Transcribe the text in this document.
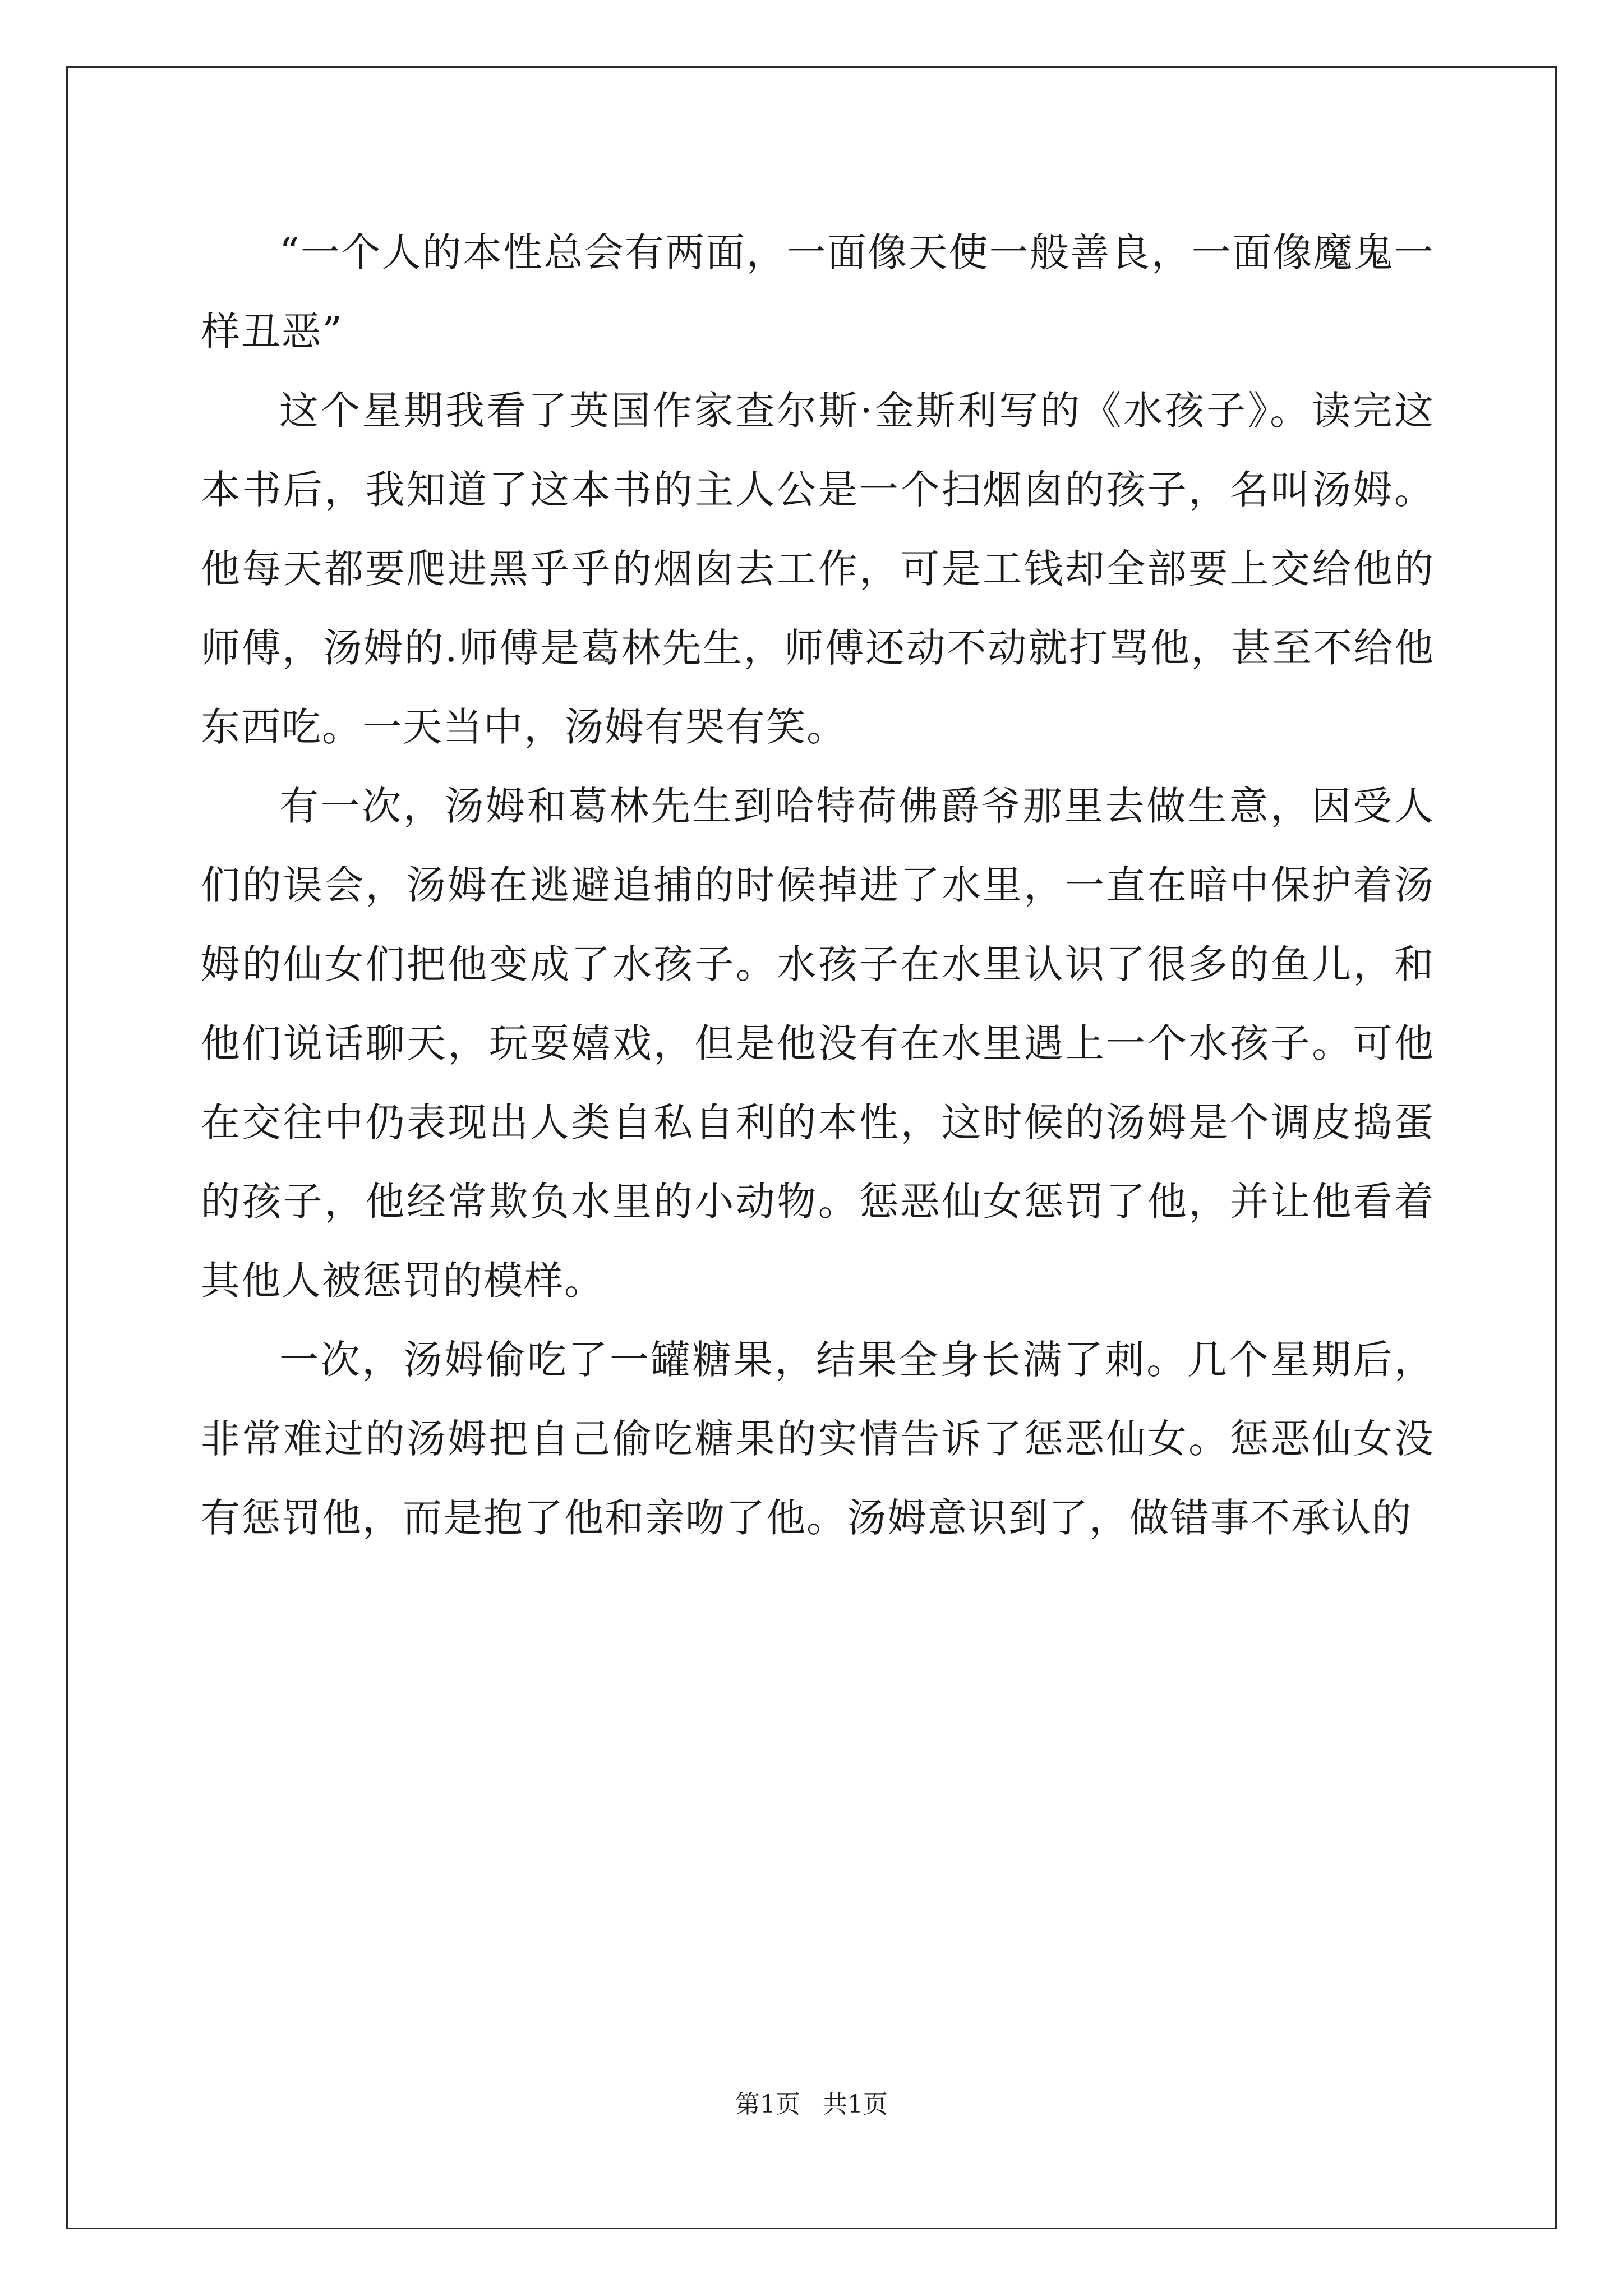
“一个人的本性总会有两面，一面像天使一般善良，一面像魔鬼一样丑恶”

这个星期我看了英国作家查尔斯·金斯利写的《水孩子》。读完这本书后，我知道了这本书的主人公是一个扫烟囱的孩子，名叫汤姆。他每天都要爬进黑乎乎的烟囱去工作，可是工钱却全部要上交给他的师傅，汤姆的.师傅是葛林先生，师傅还动不动就打骂他，甚至不给他东西吃。一天当中，汤姆有哭有笑。

有一次，汤姆和葛林先生到哈特荷佛爵爷那里去做生意，因受人们的误会，汤姆在逃避追捕的时候掉进了水里，一直在暗中保护着汤姆的仙女们把他变成了水孩子。水孩子在水里认识了很多的鱼儿，和他们说话聊天，玩耍嬉戏，但是他没有在水里遇上一个水孩子。可他在交往中仍表现出人类自私自利的本性，这时候的汤姆是个调皮捣蛋的孩子，他经常欺负水里的小动物。惩恶仙女惩罚了他，并让他看着其他人被惩罚的模样。

一次，汤姆偷吃了一罐糖果，结果全身长满了刺。几个星期后，非常难过的汤姆把自己偷吃糖果的实情告诉了惩恶仙女。惩恶仙女没有惩罚他，而是抱了他和亲吻了他。汤姆意识到了，做错事不承认的

第1页 共1页
